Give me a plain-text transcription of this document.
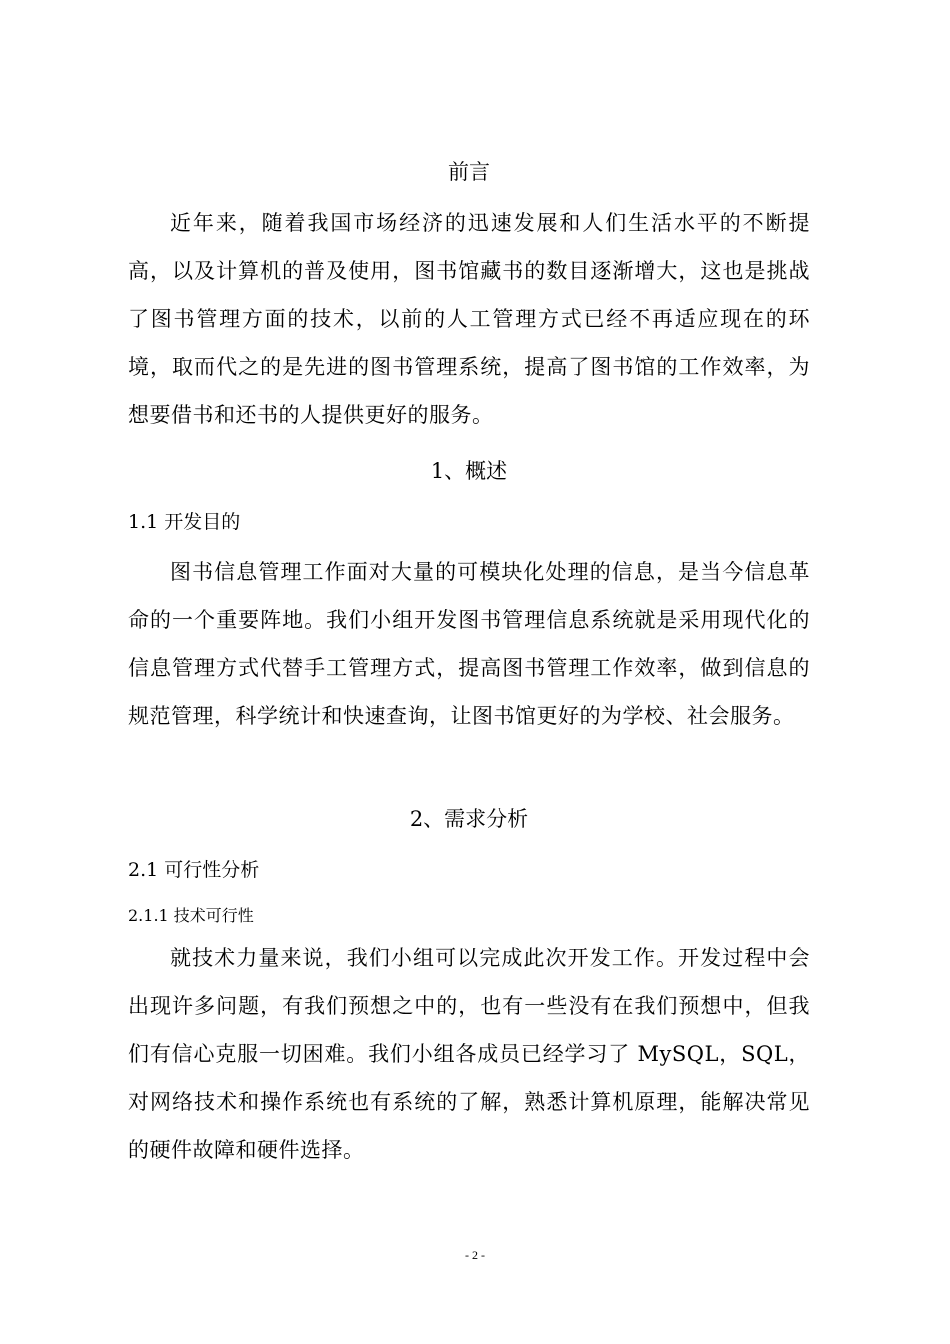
前言
近年来，随着我国市场经济的迅速发展和人们生活水平的不断提高，以及计算机的普及使用，图书馆藏书的数目逐渐增大，这也是挑战了图书管理方面的技术，以前的人工管理方式已经不再适应现在的环境，取而代之的是先进的图书管理系统，提高了图书馆的工作效率，为想要借书和还书的人提供更好的服务。
1、概述
1.1 开发目的
图书信息管理工作面对大量的可模块化处理的信息，是当今信息革命的一个重要阵地。我们小组开发图书管理信息系统就是采用现代化的信息管理方式代替手工管理方式，提高图书管理工作效率，做到信息的规范管理，科学统计和快速查询，让图书馆更好的为学校、社会服务。
2、需求分析
2.1 可行性分析
2.1.1 技术可行性
就技术力量来说，我们小组可以完成此次开发工作。开发过程中会出现许多问题，有我们预想之中的，也有一些没有在我们预想中，但我们有信心克服一切困难。我们小组各成员已经学习了 MySQL，SQL，对网络技术和操作系统也有系统的了解，熟悉计算机原理，能解决常见的硬件故障和硬件选择。
- 2 -
